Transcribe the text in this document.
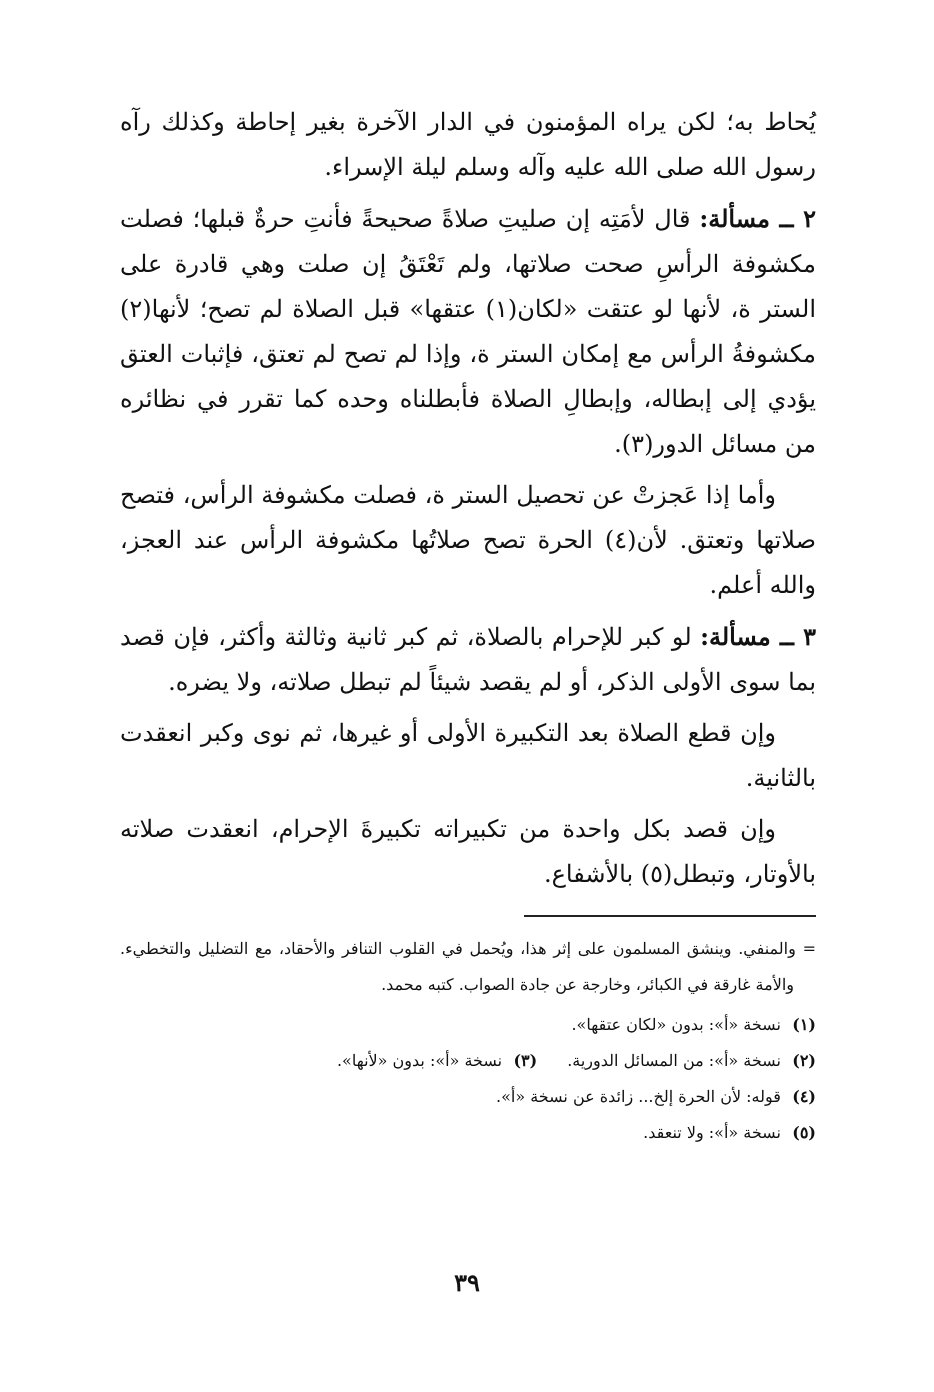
يُحاط به؛ لكن يراه المؤمنون في الدار الآخرة بغير إحاطة وكذلك رآه رسول الله صلى الله عليه وآله وسلم ليلة الإسراء.

٢ ــ مسألة: قال لأمَتِه إن صليتِ صلاةً صحيحةً فأنتِ حرةٌ قبلها؛ فصلت مكشوفة الرأسِ صحت صلاتها، ولم تَعْتَقُ إن صلت وهي قادرة على الستر ة، لأنها لو عتقت «لكان(١) عتقها» قبل الصلاة لم تصح؛ لأنها(٢) مكشوفةُ الرأس مع إمكان الستر ة، وإذا لم تصح لم تعتق، فإثبات العتق يؤدي إلى إبطاله، وإبطالِ الصلاة فأبطلناه وحده كما تقرر في نظائره من مسائل الدور(٣).

وأما إذا عَجزتْ عن تحصيل الستر ة، فصلت مكشوفة الرأس، فتصح صلاتها وتعتق. لأن(٤) الحرة تصح صلاتُها مكشوفة الرأس عند العجز، والله أعلم.

٣ ــ مسألة: لو كبر للإحرام بالصلاة، ثم كبر ثانية وثالثة وأكثر، فإن قصد بما سوى الأولى الذكر، أو لم يقصد شيئاً لم تبطل صلاته، ولا يضره.

وإن قطع الصلاة بعد التكبيرة الأولى أو غيرها، ثم نوى وكبر انعقدت بالثانية.

وإن قصد بكل واحدة من تكبيراته تكبيرةَ الإحرام، انعقدت صلاته بالأوتار، وتبطل(٥) بالأشفاع.

= والمنفي. وينشق المسلمون على إثر هذا، ويُحمل في القلوب التنافر والأحقاد، مع التضليل والتخطيء. والأمة غارقة في الكبائر، وخارجة عن جادة الصواب. كتبه محمد.

(١) نسخة «أ»: بدون «لكان عتقها».

(٢) نسخة «أ»: من المسائل الدورية.(٣) نسخة «أ»: بدون «لأنها».

(٤) قوله: لأن الحرة إلخ... زائدة عن نسخة «أ».

(٥) نسخة «أ»: ولا تنعقد.

٣٩
